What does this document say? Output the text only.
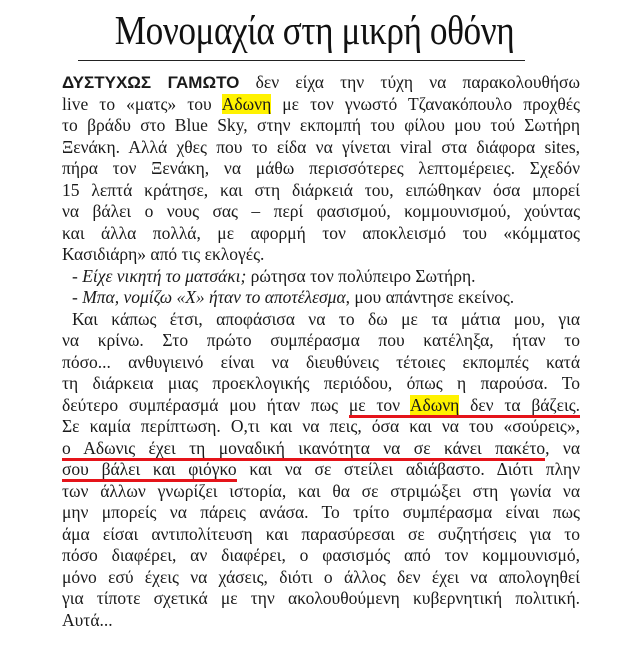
Μονομαχία στη μικρή οθόνη
ΔΥΣΤΥΧΩΣ ΓΑΜΩΤΟ δεν είχα την τύχη να παρακολουθήσω
live το «ματς» του Αδωνη με τον γνωστό Τζανακόπουλο προχθές
το βράδυ στο Blue Sky, στην εκπομπή του φίλου μου τού Σωτήρη
Ξενάκη. Αλλά χθες που το είδα να γίνεται viral στα διάφορα sites,
πήρα τον Ξενάκη, να μάθω περισσότερες λεπτομέρειες. Σχεδόν
15 λεπτά κράτησε, και στη διάρκειά του, ειπώθηκαν όσα μπορεί
να βάλει ο νους σας – περί φασισμού, κομμουνισμού, χούντας
και άλλα πολλά, με αφορμή τον αποκλεισμό του «κόμματος
Κασιδιάρη» από τις εκλογές.
- Είχε νικητή το ματσάκι; ρώτησα τον πολύπειρο Σωτήρη.
- Μπα, νομίζω «Χ» ήταν το αποτέλεσμα, μου απάντησε εκείνος.
Και κάπως έτσι, αποφάσισα να το δω με τα μάτια μου, για
να κρίνω. Στο πρώτο συμπέρασμα που κατέληξα, ήταν το
πόσο... ανθυγιεινό είναι να διευθύνεις τέτοιες εκπομπές κατά
τη διάρκεια μιας προεκλογικής περιόδου, όπως η παρούσα. Το
δεύτερο συμπέρασμά μου ήταν πως με τον Αδωνη δεν τα βάζεις.
Σε καμία περίπτωση. Ο,τι και να πεις, όσα και να του «σούρεις»,
ο Αδωνις έχει τη μοναδική ικανότητα να σε κάνει πακέτο, να
σου βάλει και φιόγκο και να σε στείλει αδιάβαστο. Διότι πλην
των άλλων γνωρίζει ιστορία, και θα σε στριμώξει στη γωνία να
μην μπορείς να πάρεις ανάσα. Το τρίτο συμπέρασμα είναι πως
άμα είσαι αντιπολίτευση και παρασύρεσαι σε συζητήσεις για το
πόσο διαφέρει, αν διαφέρει, ο φασισμός από τον κομμουνισμό,
μόνο εσύ έχεις να χάσεις, διότι ο άλλος δεν έχει να απολογηθεί
για τίποτε σχετικά με την ακολουθούμενη κυβερνητική πολιτική.
Αυτά...
